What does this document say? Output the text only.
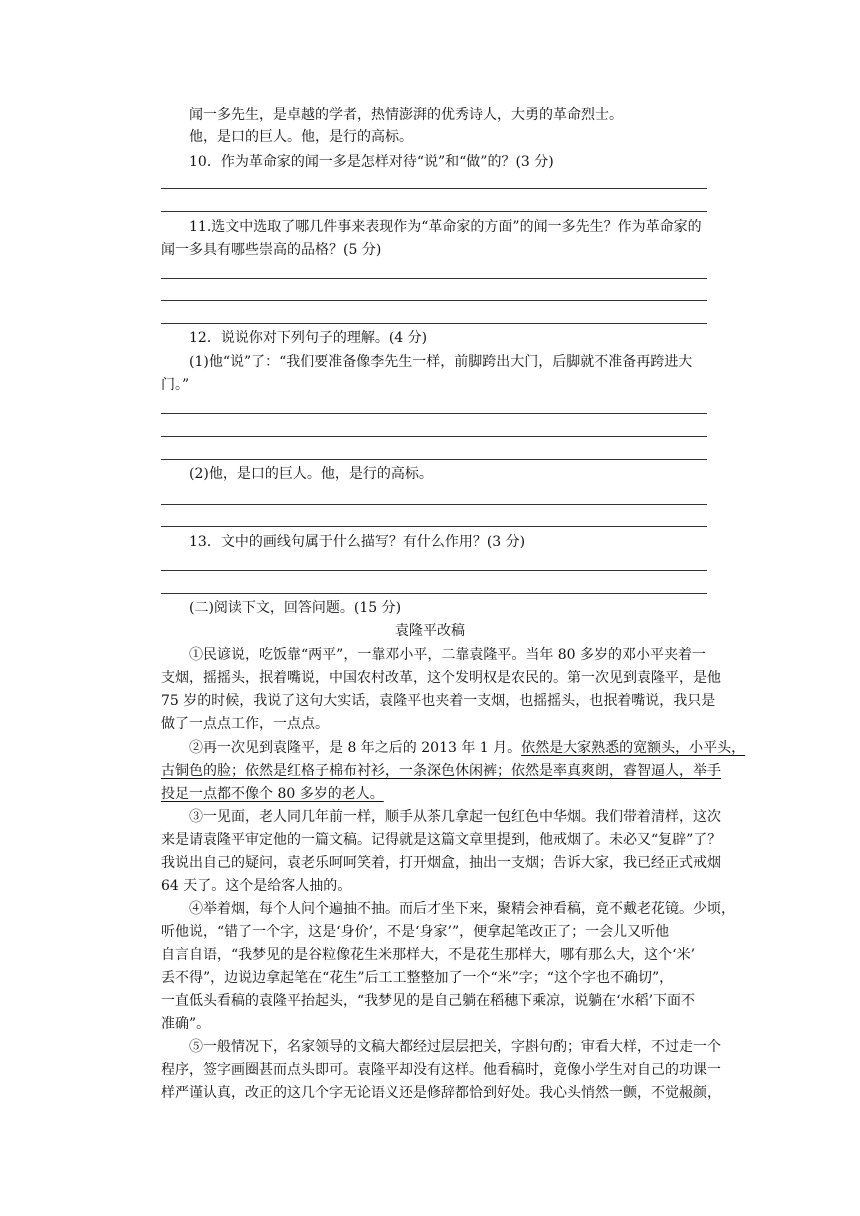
闻一多先生，是卓越的学者，热情澎湃的优秀诗人，大勇的革命烈士。
他，是口的巨人。他，是行的高标。
10．作为革命家的闻一多是怎样对待“说”和“做”的？(3 分)
11.选文中选取了哪几件事来表现作为“革命家的方面”的闻一多先生？作为革命家的
闻一多具有哪些崇高的品格？(5 分)
12．说说你对下列句子的理解。(4 分)
(1)他“说”了：“我们要准备像李先生一样，前脚跨出大门，后脚就不准备再跨进大
门。”
(2)他，是口的巨人。他，是行的高标。
13．文中的画线句属于什么描写？有什么作用？(3 分)
(二)阅读下文，回答问题。(15 分)
袁隆平改稿
①民谚说，吃饭靠“两平”，一靠邓小平，二靠袁隆平。当年 80 多岁的邓小平夹着一
支烟，摇摇头，抿着嘴说，中国农村改革，这个发明权是农民的。第一次见到袁隆平，是他
75 岁的时候，我说了这句大实话，袁隆平也夹着一支烟，也摇摇头，也抿着嘴说，我只是
做了一点点工作，一点点。
②再一次见到袁隆平，是 8 年之后的 2013 年 1 月。依然是大家熟悉的宽额头，小平头，
古铜色的脸；依然是红格子棉布衬衫，一条深色休闲裤；依然是率真爽朗，睿智逼人，举手
投足一点都不像个 80 多岁的老人。
③一见面，老人同几年前一样，顺手从茶几拿起一包红色中华烟。我们带着清样，这次
来是请袁隆平审定他的一篇文稿。记得就是这篇文章里提到，他戒烟了。未必又“复辟”了？
我说出自己的疑问，袁老乐呵呵笑着，打开烟盒，抽出一支烟；告诉大家，我已经正式戒烟
64 天了。这个是给客人抽的。
④举着烟，每个人问个遍抽不抽。而后才坐下来，聚精会神看稿，竟不戴老花镜。少顷，
听他说，“错了一个字，这是‘身价’，不是‘身家’”，便拿起笔改正了；一会儿又听他
自言自语，“我梦见的是谷粒像花生米那样大，不是花生那样大，哪有那么大，这个‘米’
丢不得”，边说边拿起笔在“花生”后工工整整加了一个“米”字；“这个字也不确切”，
一直低头看稿的袁隆平抬起头，“我梦见的是自己躺在稻穗下乘凉，说躺在‘水稻’下面不
准确”。
⑤一般情况下，名家领导的文稿大都经过层层把关，字斟句酌；审看大样，不过走一个
程序，签字画圈甚而点头即可。袁隆平却没有这样。他看稿时，竟像小学生对自己的功课一
样严谨认真，改正的这几个字无论语义还是修辞都恰到好处。我心头悄然一颤，不觉赧颜，
